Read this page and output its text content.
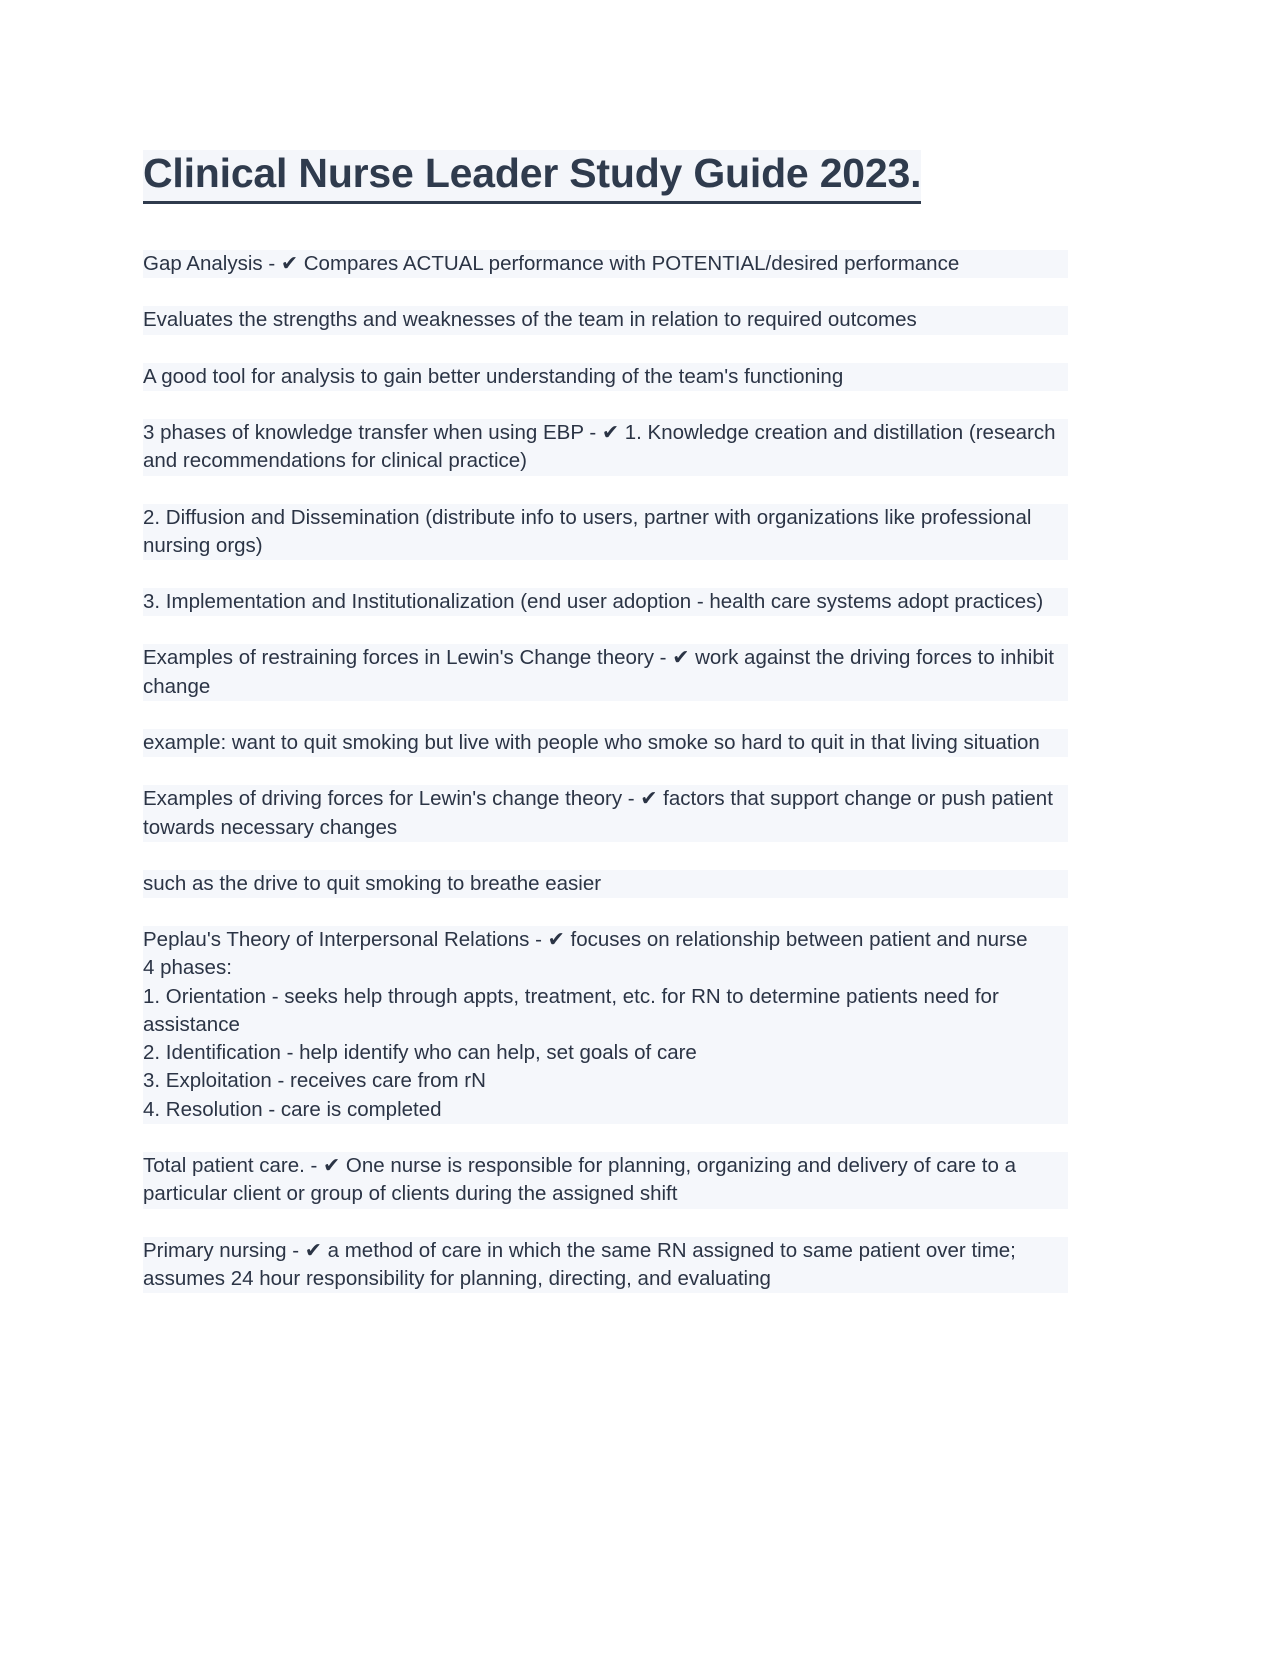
Clinical Nurse Leader Study Guide 2023.

Gap Analysis - ✔ Compares ACTUAL performance with POTENTIAL/desired performance

Evaluates the strengths and weaknesses of the team in relation to required outcomes

A good tool for analysis to gain better understanding of the team's functioning

3 phases of knowledge transfer when using EBP - ✔ 1. Knowledge creation and distillation (research and recommendations for clinical practice)

2. Diffusion and Dissemination (distribute info to users, partner with organizations like professional nursing orgs)

3. Implementation and Institutionalization (end user adoption - health care systems adopt practices)

Examples of restraining forces in Lewin's Change theory - ✔ work against the driving forces to inhibit change

example: want to quit smoking but live with people who smoke so hard to quit in that living situation

Examples of driving forces for Lewin's change theory - ✔ factors that support change or push patient towards necessary changes

such as the drive to quit smoking to breathe easier

Peplau's Theory of Interpersonal Relations - ✔ focuses on relationship between patient and nurse

4 phases:

1. Orientation - seeks help through appts, treatment, etc. for RN to determine patients need for assistance

2. Identification - help identify who can help, set goals of care

3. Exploitation - receives care from rN

4. Resolution - care is completed

Total patient care. - ✔ One nurse is responsible for planning, organizing and delivery of care to a

particular client or group of clients during the assigned shift

Primary nursing - ✔ a method of care in which the same RN assigned to same patient over time; assumes 24 hour responsibility for planning, directing, and evaluating
